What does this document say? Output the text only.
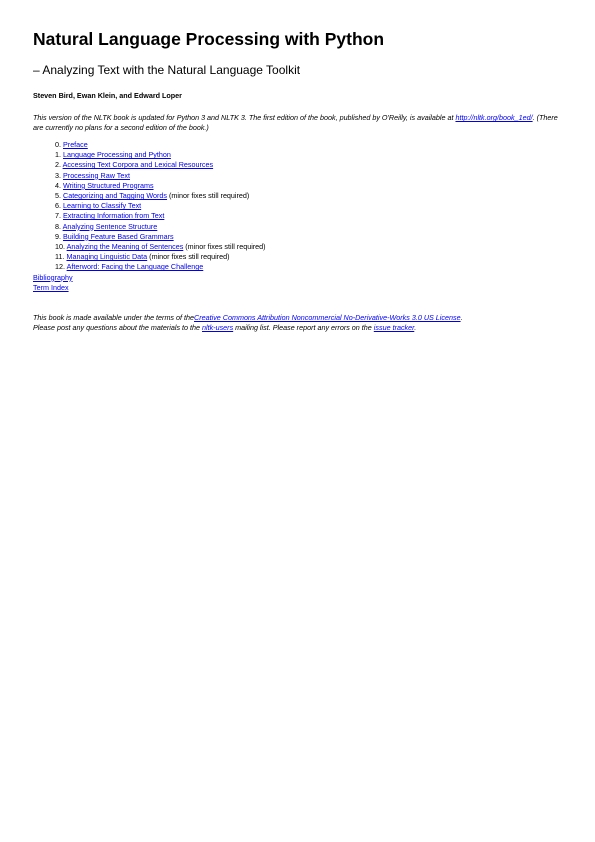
Natural Language Processing with Python
– Analyzing Text with the Natural Language Toolkit
Steven Bird, Ewan Klein, and Edward Loper
This version of the NLTK book is updated for Python 3 and NLTK 3. The first edition of the book, published by O'Reilly, is available at http://nltk.org/book_1ed/. (There are currently no plans for a second edition of the book.)
0. Preface
1. Language Processing and Python
2. Accessing Text Corpora and Lexical Resources
3. Processing Raw Text
4. Writing Structured Programs
5. Categorizing and Tagging Words (minor fixes still required)
6. Learning to Classify Text
7. Extracting Information from Text
8. Analyzing Sentence Structure
9. Building Feature Based Grammars
10. Analyzing the Meaning of Sentences (minor fixes still required)
11. Managing Linguistic Data (minor fixes still required)
12. Afterword: Facing the Language Challenge
Bibliography
Term Index
This book is made available under the terms of theCreative Commons Attribution Noncommercial No-Derivative-Works 3.0 US License.
Please post any questions about the materials to the nltk-users mailing list. Please report any errors on the issue tracker.
